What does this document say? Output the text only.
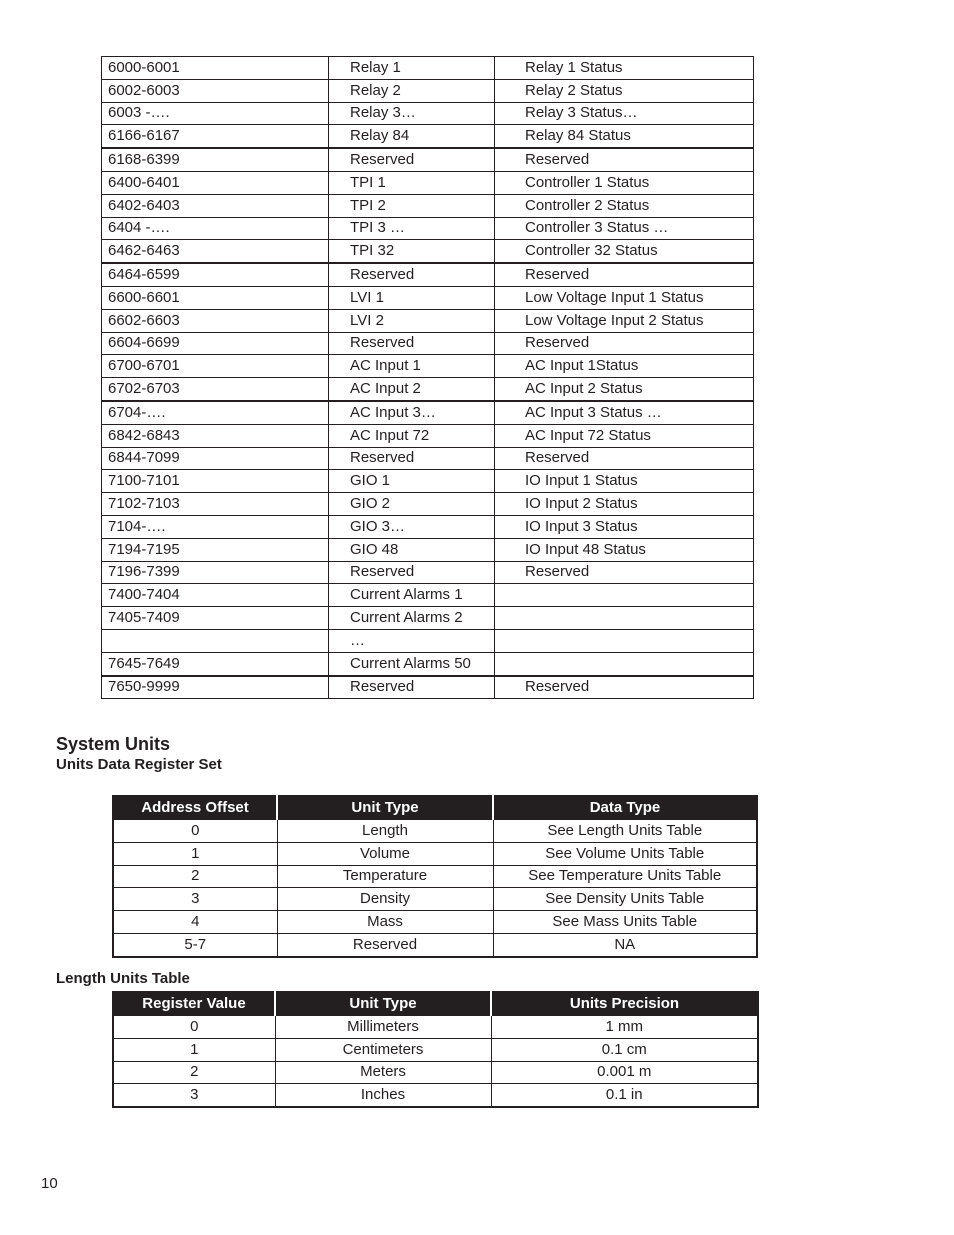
6000-6001	Relay 1	Relay 1 Status
6002-6003	Relay 2	Relay 2 Status
6003 -….	Relay 3…	Relay 3 Status…
6166-6167	Relay 84	Relay 84 Status
6168-6399	Reserved	Reserved
6400-6401	TPI 1	Controller 1 Status
6402-6403	TPI 2	Controller 2 Status
6404 -….	TPI 3 …	Controller 3 Status …
6462-6463	TPI 32	Controller 32 Status
6464-6599	Reserved	Reserved
6600-6601	LVI 1	Low Voltage Input 1 Status
6602-6603	LVI 2	Low Voltage Input 2 Status
6604-6699	Reserved	Reserved
6700-6701	AC Input 1	AC Input 1Status
6702-6703	AC Input 2	AC Input 2 Status
6704-….	AC Input 3…	AC Input 3 Status …
6842-6843	AC Input 72	AC Input 72 Status
6844-7099	Reserved	Reserved
7100-7101	GIO 1	IO Input 1 Status
7102-7103	GIO 2	IO Input 2 Status
7104-….	GIO 3…	IO Input 3 Status
7194-7195	GIO 48	IO Input 48 Status
7196-7399	Reserved	Reserved
7400-7404	Current Alarms 1	
7405-7409	Current Alarms 2	
	…	
7645-7649	Current Alarms 50	
7650-9999	Reserved	Reserved
System Units

Units Data Register Set

Address Offset	Unit Type	Data Type
0	Length	See Length Units Table
1	Volume	See Volume Units Table
2	Temperature	See Temperature Units Table
3	Density	See Density Units Table
4	Mass	See Mass Units Table
5-7	Reserved	NA

Length Units Table

Register Value	Unit Type	Units Precision
0	Millimeters	1 mm
1	Centimeters	0.1 cm
2	Meters	0.001 m
3	Inches	0.1 in
10
